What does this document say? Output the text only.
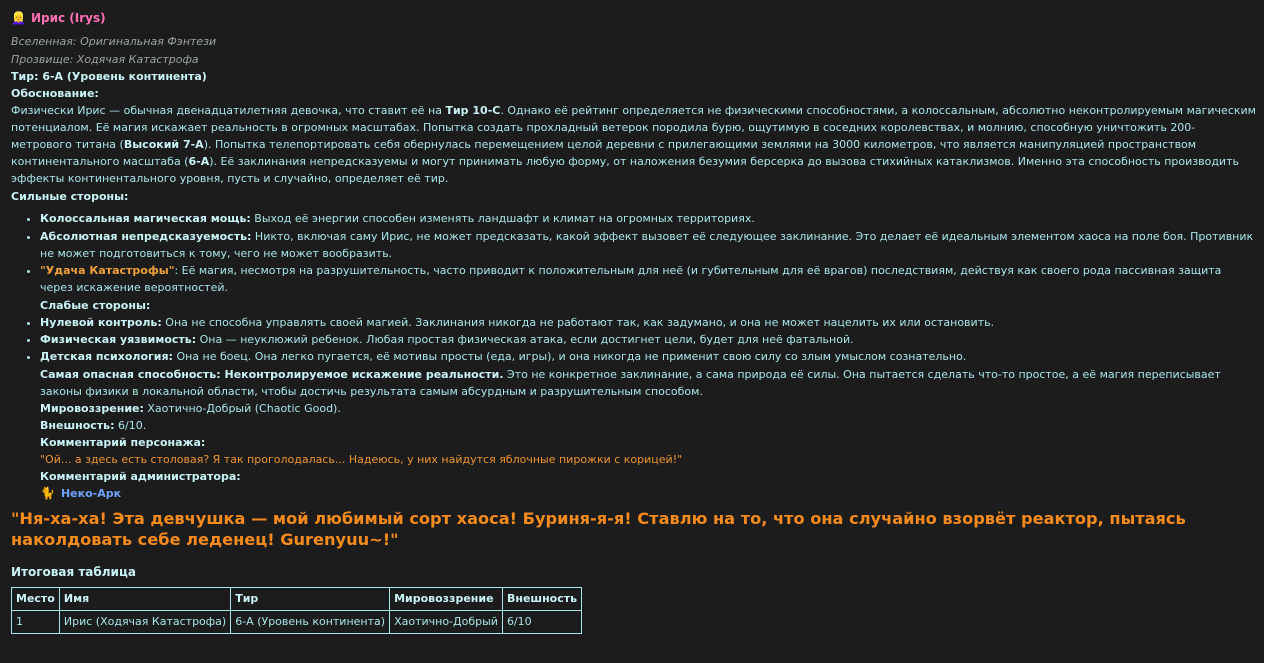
👱‍♀️ Ирис (Irys)
Вселенная: Оригинальная Фэнтези
Прозвище: Ходячая Катастрофа
Тир: 6-А (Уровень континента)
Обоснование:

Физически Ирис — обычная двенадцатилетняя девочка, что ставит её на Тир 10-С. Однако её рейтинг определяется не физическими способностями, а колоссальным, абсолютно неконтролируемым магическим потенциалом. Её магия искажает реальность в огромных масштабах. Попытка создать прохладный ветерок породила бурю, ощутимую в соседних королевствах, и молнию, способную уничтожить 200-метрового титана (Высокий 7-А). Попытка телепортировать себя обернулась перемещением целой деревни с прилегающими землями на 3000 километров, что является манипуляцией пространством континентального масштаба (6-А). Её заклинания непредсказуемы и могут принимать любую форму, от наложения безумия берсерка до вызова стихийных катаклизмов. Именно эта способность производить эффекты континентального уровня, пусть и случайно, определяет её тир.

Сильные стороны:
• Колоссальная магическая мощь: Выход её энергии способен изменять ландшафт и климат на огромных территориях.
• Абсолютная непредсказуемость: Никто, включая саму Ирис, не может предсказать, какой эффект вызовет её следующее заклинание. Это делает её идеальным элементом хаоса на поле боя. Противник не может подготовиться к тому, чего не может вообразить.
• "Удача Катастрофы": Её магия, несмотря на разрушительность, часто приводит к положительным для неё (и губительным для её врагов) последствиям, действуя как своего рода пассивная защита через искажение вероятностей.
Слабые стороны:
• Нулевой контроль: Она не способна управлять своей магией. Заклинания никогда не работают так, как задумано, и она не может нацелить их или остановить.
• Физическая уязвимость: Она — неуклюжий ребенок. Любая простая физическая атака, если достигнет цели, будет для неё фатальной.
• Детская психология: Она не боец. Она легко пугается, её мотивы просты (еда, игры), и она никогда не применит свою силу со злым умыслом сознательно.
Самая опасная способность: Неконтролируемое искажение реальности. Это не конкретное заклинание, а сама природа её силы. Она пытается сделать что-то простое, а её магия переписывает законы физики в локальной области, чтобы достичь результата самым абсурдным и разрушительным способом.
Мировоззрение: Хаотично-Добрый (Chaotic Good).
Внешность: 6/10.
Комментарий персонажа:
"Ой... а здесь есть столовая? Я так проголодалась... Надеюсь, у них найдутся яблочные пирожки с корицей!"
Комментарий администратора:
🐈 Неко-Арк
"Ня-ха-ха! Эта девчушка — мой любимый сорт хаоса! Буриня-я-я! Ставлю на то, что она случайно взорвёт реактор, пытаясь наколдовать себе леденец! Gurenyuu~!"
Итоговая таблица
Место	Имя	Тир	Мировоззрение	Внешность
1	Ирис (Ходячая Катастрофа)	6-А (Уровень континента)	Хаотично-Добрый	6/10
